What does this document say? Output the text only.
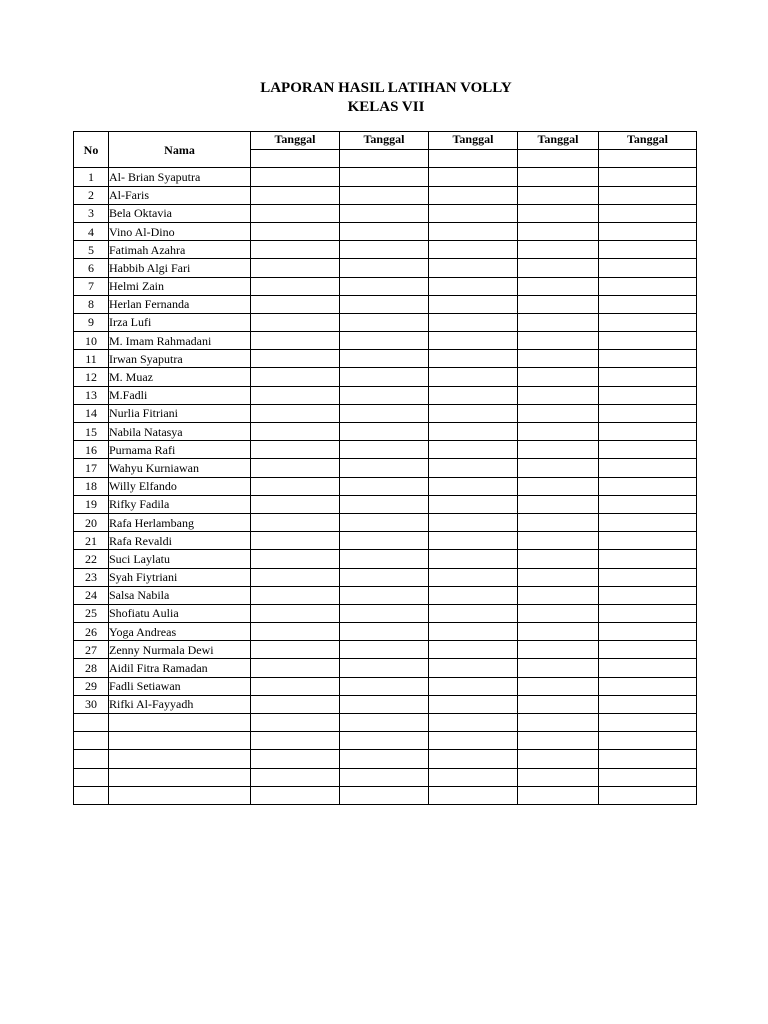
LAPORAN HASIL LATIHAN VOLLY
KELAS VII
No	Nama	Tanggal	Tanggal	Tanggal	Tanggal	Tanggal

1	Al- Brian Syaputra					
2	Al-Faris					
3	Bela Oktavia					
4	Vino Al-Dino					
5	Fatimah Azahra					
6	Habbib Algi Fari					
7	Helmi Zain					
8	Herlan Fernanda					
9	Irza Lufi					
10	M. Imam Rahmadani					
11	Irwan Syaputra					
12	M. Muaz					
13	M.Fadli					
14	Nurlia Fitriani					
15	Nabila Natasya					
16	Purnama Rafi					
17	Wahyu Kurniawan					
18	Willy Elfando					
19	Rifky Fadila					
20	Rafa Herlambang					
21	Rafa Revaldi					
22	Suci Laylatu					
23	Syah Fiytriani					
24	Salsa Nabila					
25	Shofiatu Aulia					
26	Yoga Andreas					
27	Zenny Nurmala Dewi					
28	Aidil Fitra Ramadan					
29	Fadli Setiawan					
30	Rifki Al-Fayyadh					
